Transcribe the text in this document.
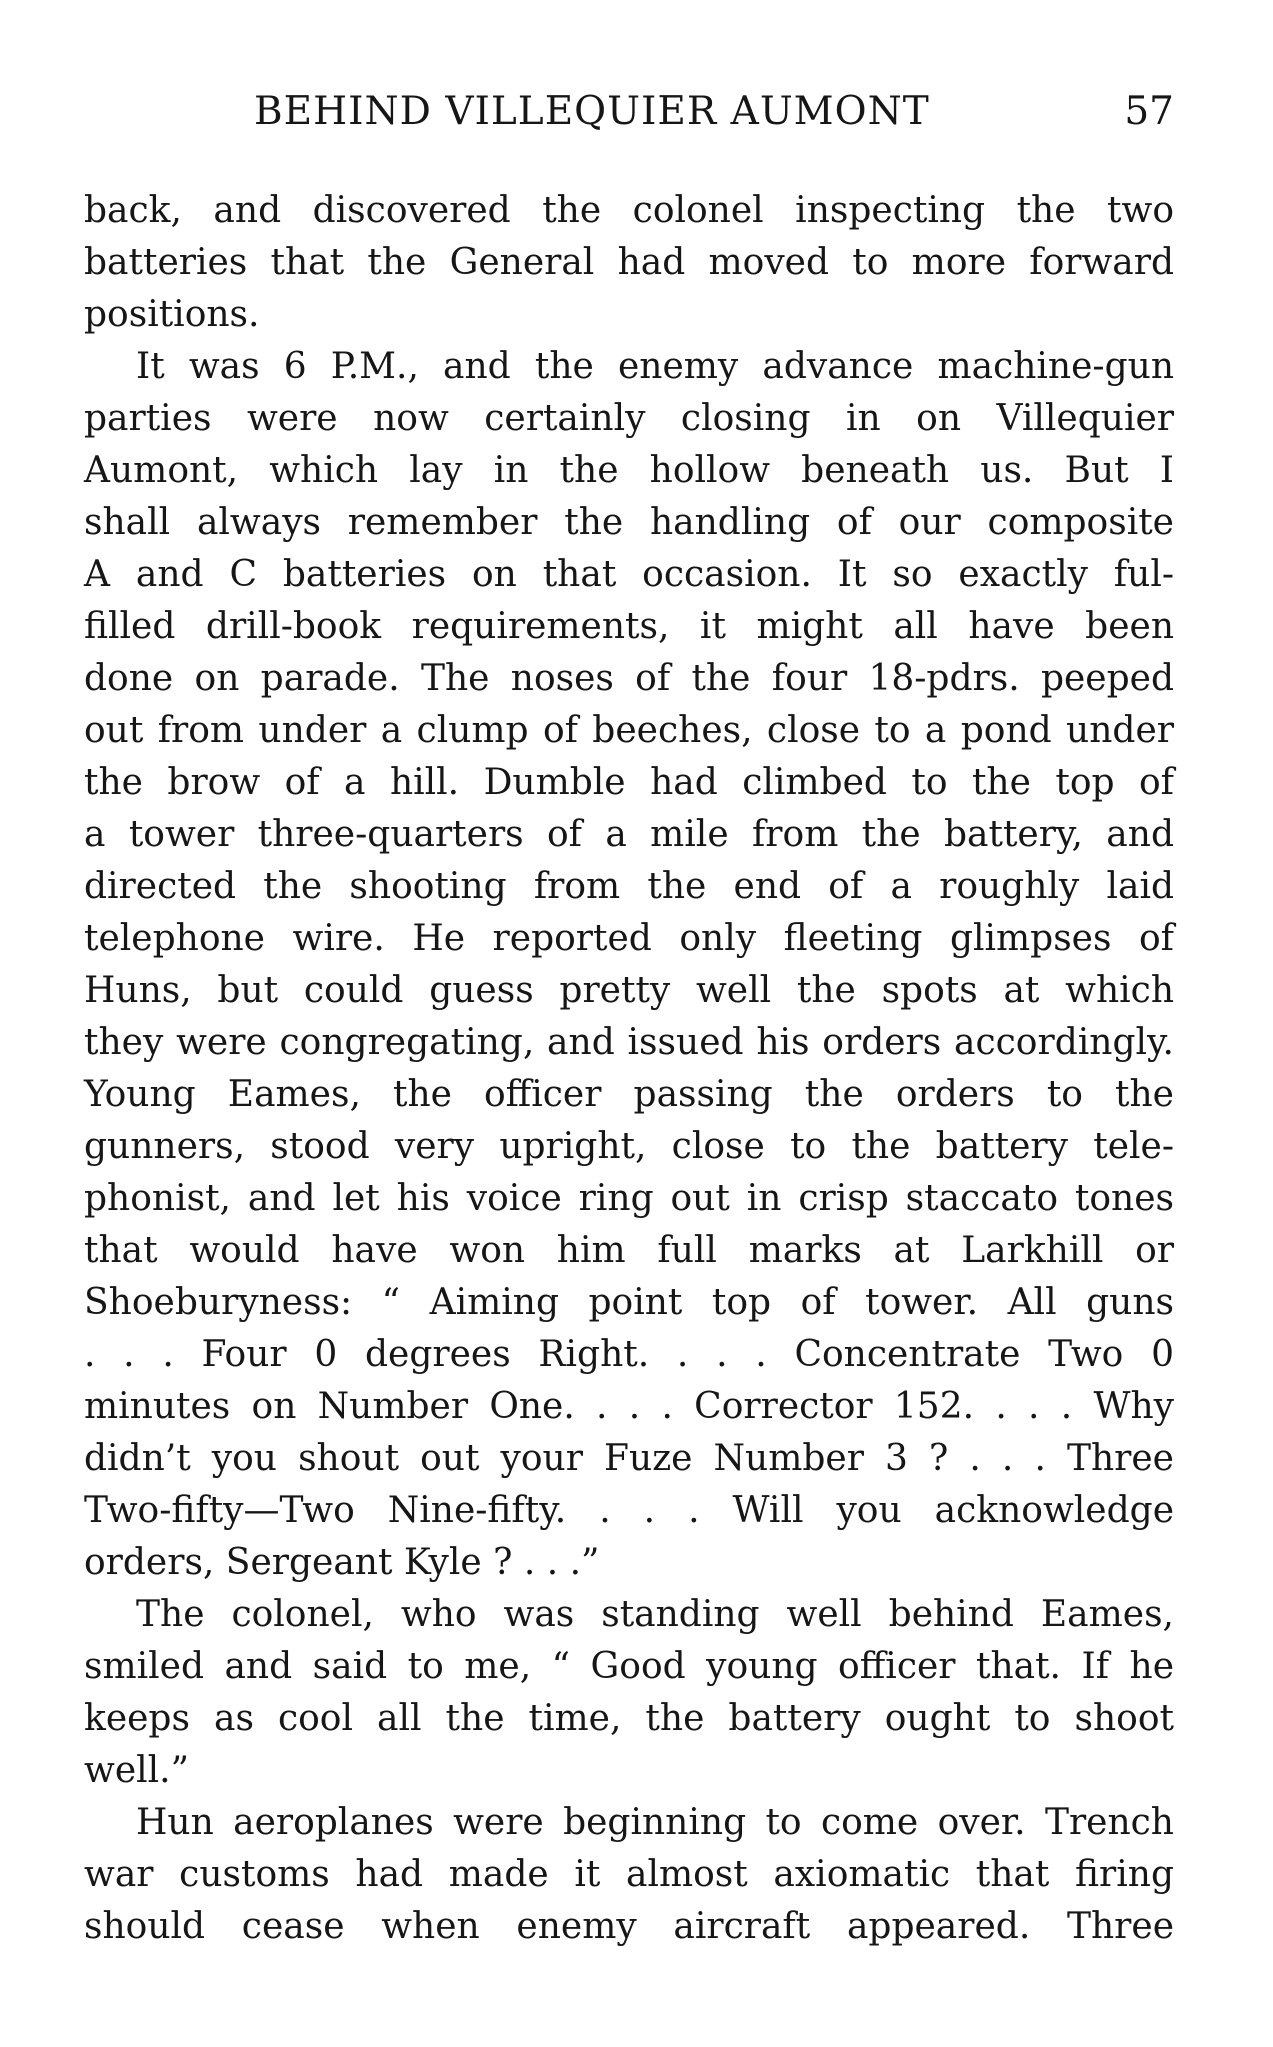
BEHIND VILLEQUIER AUMONT	57
back, and discovered the colonel inspecting the two
batteries that the General had moved to more forward
positions.
It was 6 P.M., and the enemy advance machine-gun
parties were now certainly closing in on Villequier
Aumont, which lay in the hollow beneath us. But I
shall always remember the handling of our composite
A and C batteries on that occasion. It so exactly ful-
filled drill-book requirements, it might all have been
done on parade. The noses of the four 18-pdrs. peeped
out from under a clump of beeches, close to a pond under
the brow of a hill. Dumble had climbed to the top of
a tower three-quarters of a mile from the battery, and
directed the shooting from the end of a roughly laid
telephone wire. He reported only fleeting glimpses of
Huns, but could guess pretty well the spots at which
they were congregating, and issued his orders accordingly.
Young Eames, the officer passing the orders to the
gunners, stood very upright, close to the battery tele-
phonist, and let his voice ring out in crisp staccato tones
that would have won him full marks at Larkhill or
Shoeburyness: “ Aiming point top of tower. All guns
. . . Four 0 degrees Right. . . . Concentrate Two 0
minutes on Number One. . . . Corrector 152. . . . Why
didn’t you shout out your Fuze Number 3 ? . . . Three
Two-fifty—Two Nine-fifty. . . . Will you acknowledge
orders, Sergeant Kyle ? . . .”
The colonel, who was standing well behind Eames,
smiled and said to me, “ Good young officer that. If he
keeps as cool all the time, the battery ought to shoot
well.”
Hun aeroplanes were beginning to come over. Trench
war customs had made it almost axiomatic that firing
should cease when enemy aircraft appeared. Three
